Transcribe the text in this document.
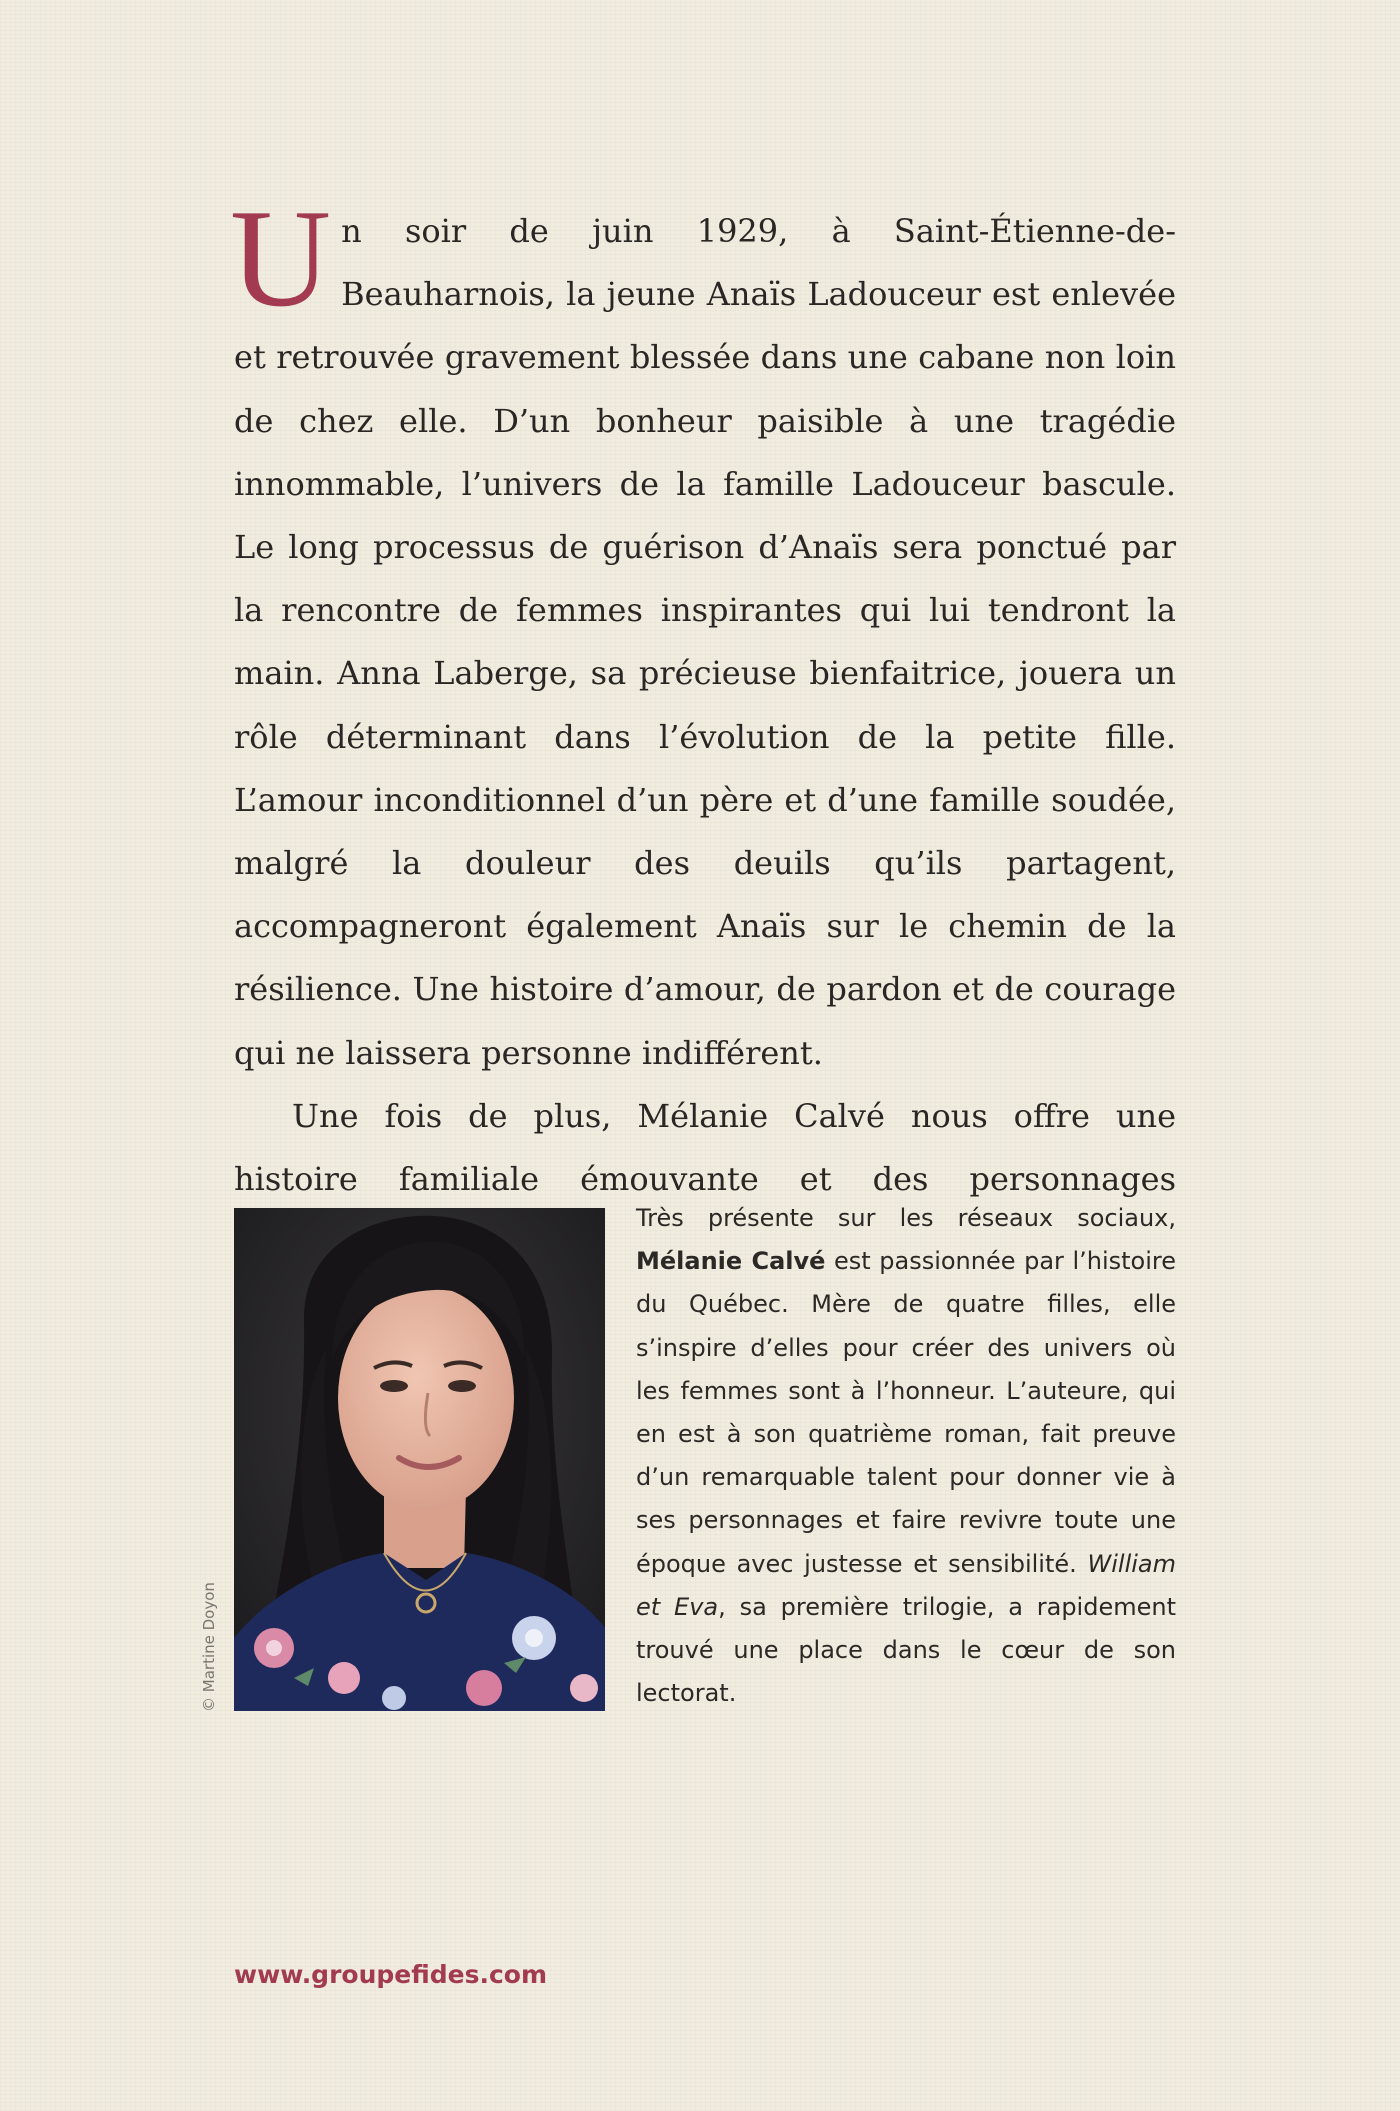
Un soir de juin 1929, à Saint-Étienne-de-Beauharnois, la jeune Anaïs Ladouceur est enlevée et retrouvée gravement blessée dans une cabane non loin de chez elle. D’un bonheur paisible à une tragédie innommable, l’univers de la famille Ladouceur bascule. Le long processus de guérison d’Anaïs sera ponctué par la rencontre de femmes inspirantes qui lui tendront la main. Anna Laberge, sa précieuse bienfaitrice, jouera un rôle déterminant dans l’évolution de la petite fille. L’amour inconditionnel d’un père et d’une famille soudée, malgré la douleur des deuils qu’ils partagent, accompagneront également Anaïs sur le chemin de la résilience. Une histoire d’amour, de pardon et de courage qui ne laissera personne indifférent.

Une fois de plus, Mélanie Calvé nous offre une histoire familiale émouvante et des personnages

© Martine Doyon

Très présente sur les réseaux sociaux, Mélanie Calvé est passionnée par l’histoire du Québec. Mère de quatre filles, elle s’inspire d’elles pour créer des univers où les femmes sont à l’honneur. L’auteure, qui en est à son quatrième roman, fait preuve d’un remarquable talent pour donner vie à ses personnages et faire revivre toute une époque avec justesse et sensibilité. William et Eva, sa première trilogie, a rapidement trouvé une place dans le cœur de son lectorat.

www.groupefides.com
